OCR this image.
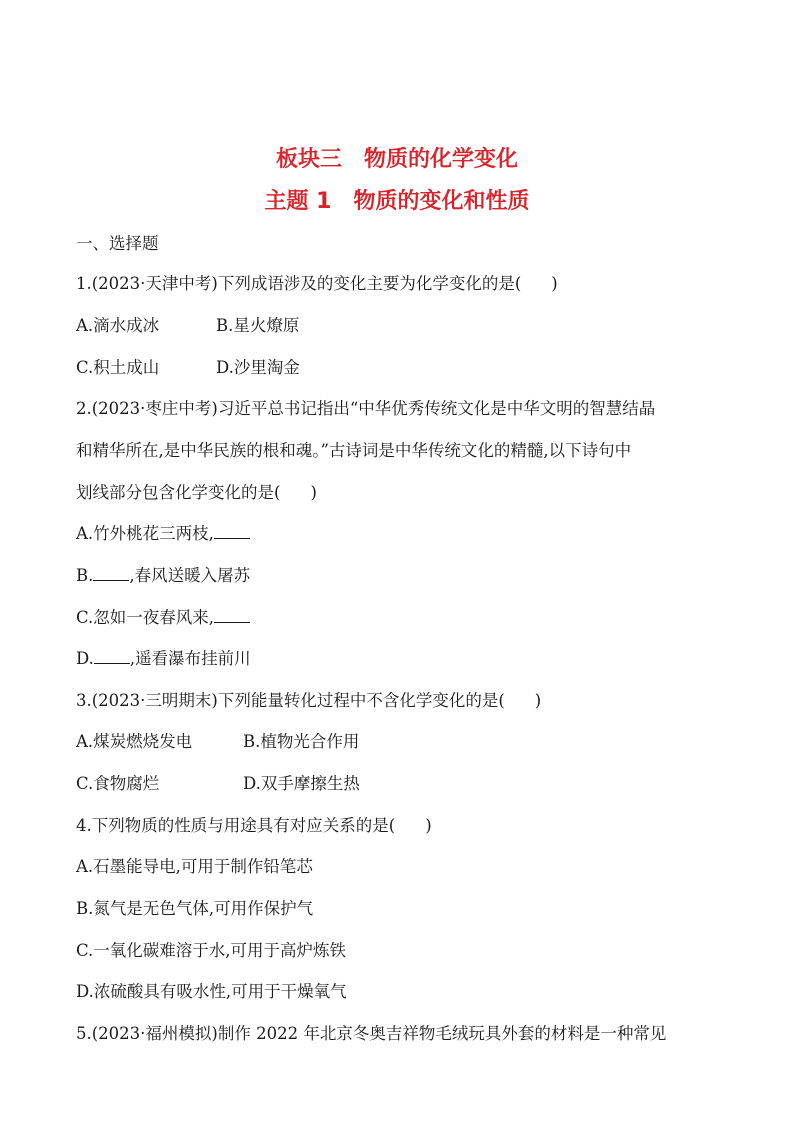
板块三　物质的化学变化
主题 1　物质的变化和性质
一、选择题
1.(2023·天津中考)下列成语涉及的变化主要为化学变化的是( )
A.滴水成冰	B.星火燎原
C.积土成山	D.沙里淘金
2.(2023·枣庄中考)习近平总书记指出“中华优秀传统文化是中华文明的智慧结晶
和精华所在,是中华民族的根和魂。”古诗词是中华传统文化的精髓,以下诗句中
划线部分包含化学变化的是( )
A.竹外桃花三两枝,
B. ,春风送暖入屠苏
C.忽如一夜春风来,
D. ,遥看瀑布挂前川
3.(2023·三明期末)下列能量转化过程中不含化学变化的是( )
A.煤炭燃烧发电	B.植物光合作用
C.食物腐烂	D.双手摩擦生热
4.下列物质的性质与用途具有对应关系的是( )
A.石墨能导电,可用于制作铅笔芯
B.氮气是无色气体,可用作保护气
C.一氧化碳难溶于水,可用于高炉炼铁
D.浓硫酸具有吸水性,可用于干燥氧气
5.(2023·福州模拟)制作 2022 年北京冬奥吉祥物毛绒玩具外套的材料是一种常见
